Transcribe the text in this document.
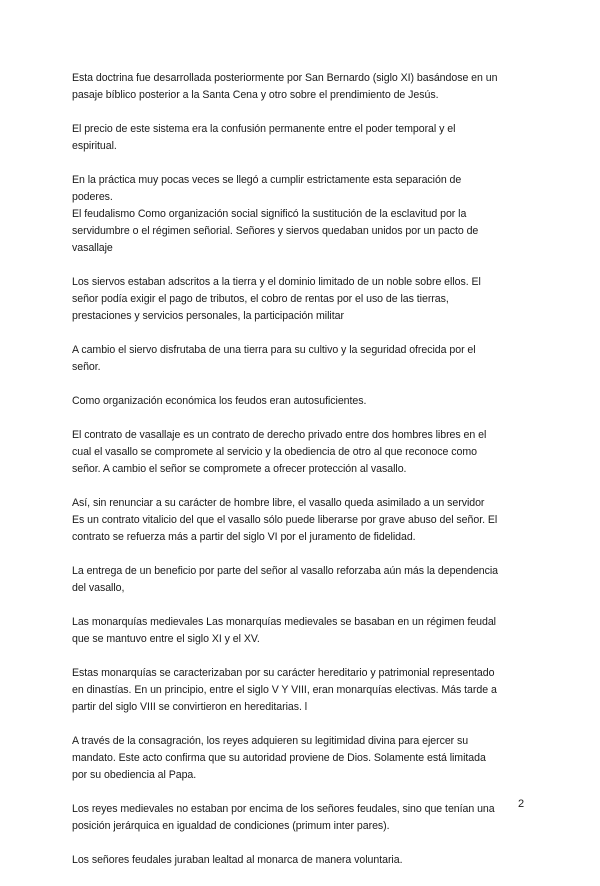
Esta doctrina fue desarrollada posteriormente por San Bernardo (siglo XI) basándose en un
pasaje bíblico posterior a la Santa Cena y otro sobre el prendimiento de Jesús.

El precio de este sistema era la confusión permanente entre el poder temporal y el
espiritual.

En la práctica muy pocas veces se llegó a cumplir estrictamente esta separación de
poderes.
El feudalismo Como organización social significó la sustitución de la esclavitud por la
servidumbre o el régimen señorial. Señores y siervos quedaban unidos por un pacto de
vasallaje

Los siervos estaban adscritos a la tierra y el dominio limitado de un noble sobre ellos. El
señor podía exigir el pago de tributos, el cobro de rentas por el uso de las tierras,
prestaciones y servicios personales, la participación militar

A cambio el siervo disfrutaba de una tierra para su cultivo y la seguridad ofrecida por el
señor.

Como organización económica los feudos eran autosuficientes.

El contrato de vasallaje es un contrato de derecho privado entre dos hombres libres en el
cual el vasallo se compromete al servicio y la obediencia de otro al que reconoce como
señor. A cambio el señor se compromete a ofrecer protección al vasallo.

Así, sin renunciar a su carácter de hombre libre, el vasallo queda asimilado a un servidor
Es un contrato vitalicio del que el vasallo sólo puede liberarse por grave abuso del señor. El
contrato se refuerza más a partir del siglo VI por el juramento de fidelidad.

La entrega de un beneficio por parte del señor al vasallo reforzaba aún más la dependencia
del vasallo,

Las monarquías medievales Las monarquías medievales se basaban en un régimen feudal
que se mantuvo entre el siglo XI y el XV.

Estas monarquías se caracterizaban por su carácter hereditario y patrimonial representado
en dinastías. En un principio, entre el siglo V Y VIII, eran monarquías electivas. Más tarde a
partir del siglo VIII se convirtieron en hereditarias. l

A través de la consagración, los reyes adquieren su legitimidad divina para ejercer su
mandato. Este acto confirma que su autoridad proviene de Dios. Solamente está limitada
por su obediencia al Papa.

Los reyes medievales no estaban por encima de los señores feudales, sino que tenían una
posición jerárquica en igualdad de condiciones (primum inter pares).

Los señores feudales juraban lealtad al monarca de manera voluntaria.

2
